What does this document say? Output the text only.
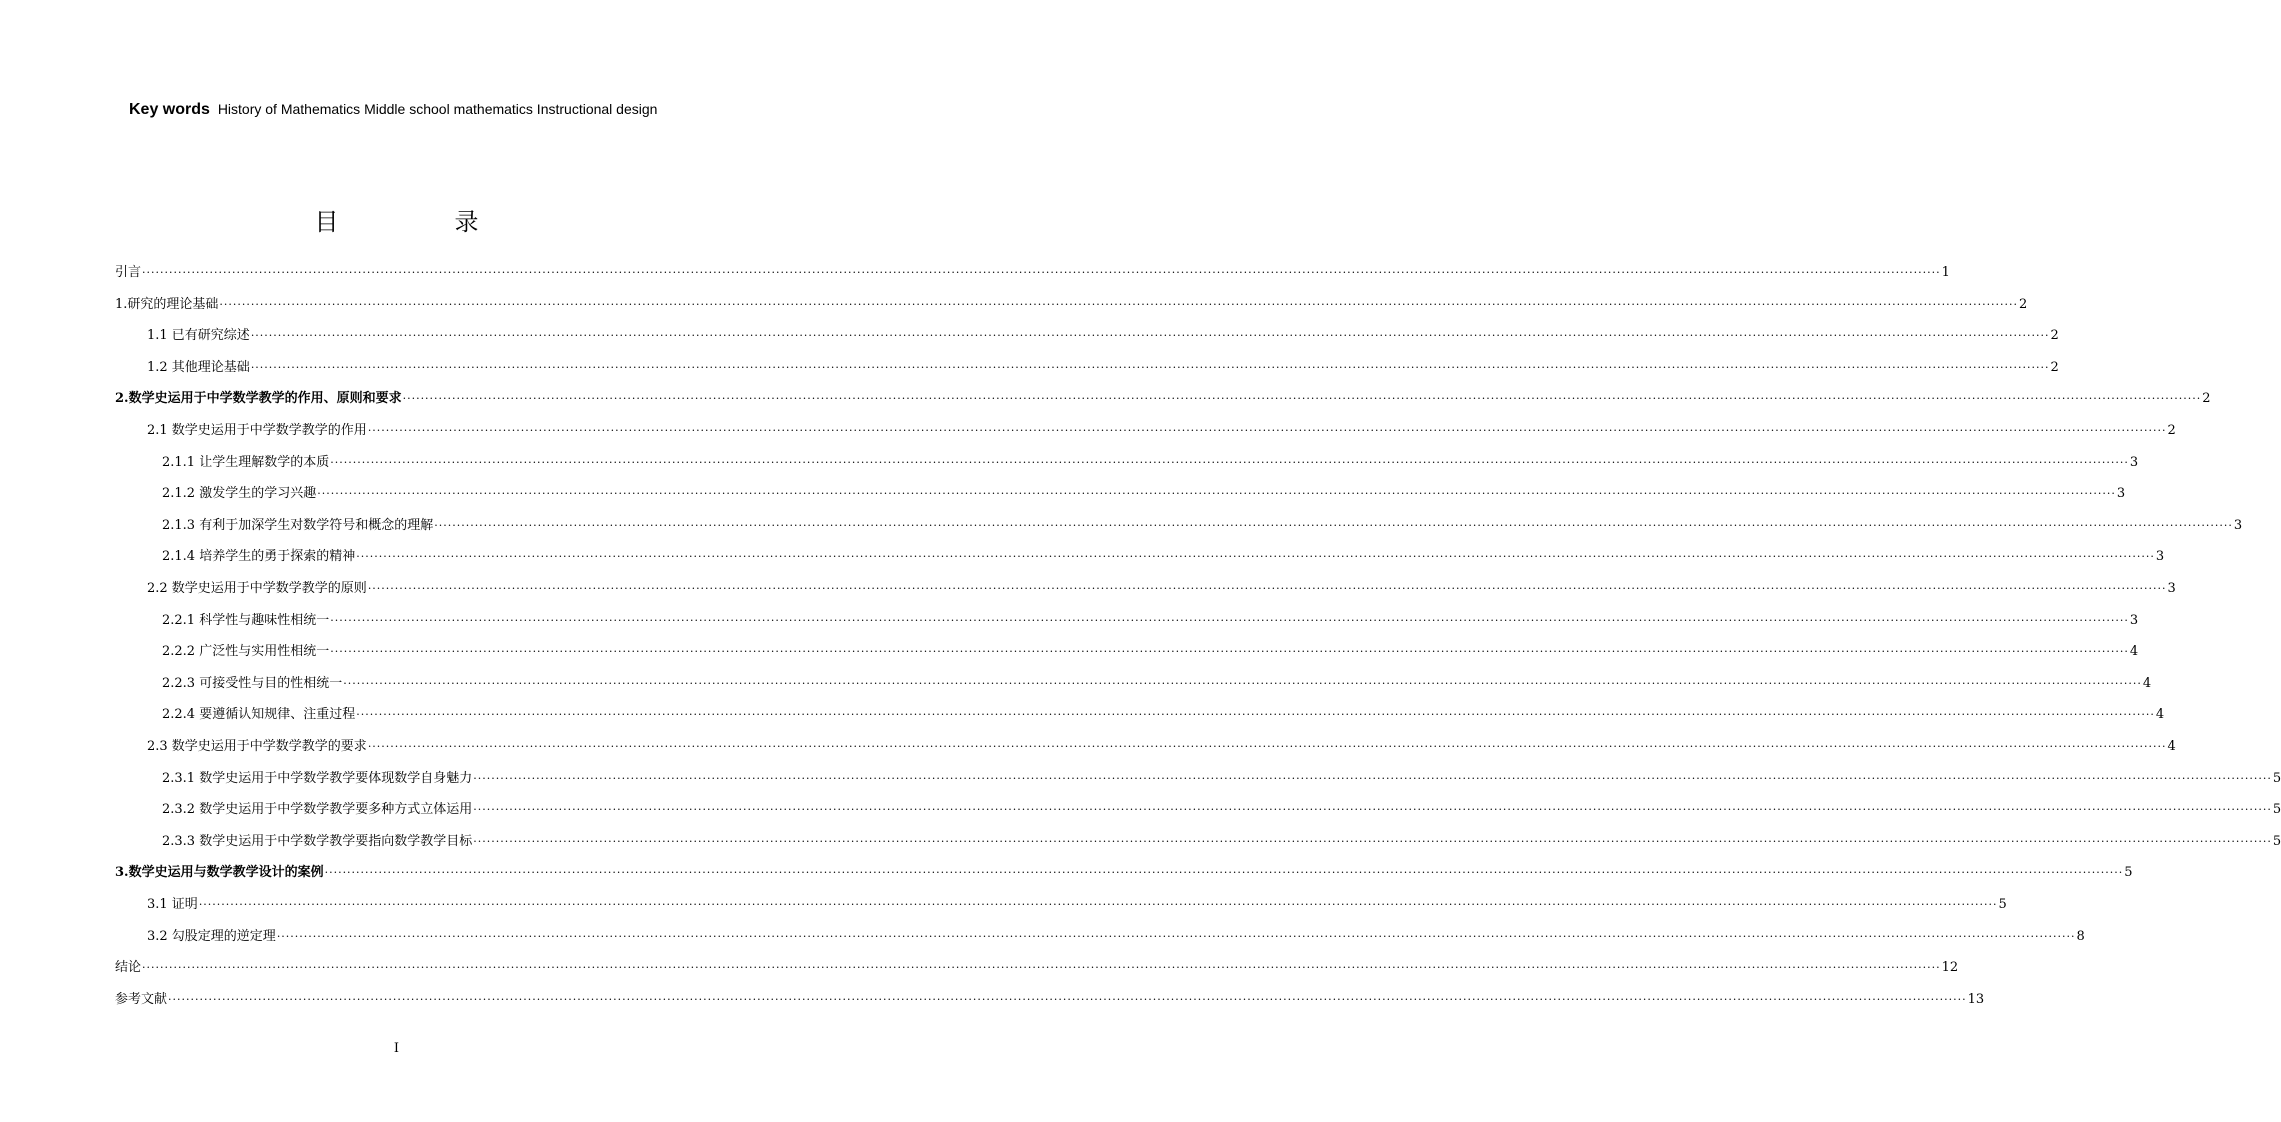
Key words History of Mathematics Middle school mathematics Instructional design
目　录
引言 ················································································································································································································································································································································································································ 1
1.研究的理论基础 ················································································································································································································································································································································································································ 2
1.1 已有研究综述 ················································································································································································································································································································································································································ 2
1.2 其他理论基础 ················································································································································································································································································································································································································ 2
2.数学史运用于中学数学教学的作用、原则和要求 ················································································································································································································································································································································································································ 2
2.1 数学史运用于中学数学教学的作用 ················································································································································································································································································································································································································ 2
2.1.1 让学生理解数学的本质 ················································································································································································································································································································································································································ 3
2.1.2 激发学生的学习兴趣 ················································································································································································································································································································································································································ 3
2.1.3 有利于加深学生对数学符号和概念的理解 ················································································································································································································································································································································································································ 3
2.1.4 培养学生的勇于探索的精神 ················································································································································································································································································································································································································ 3
2.2 数学史运用于中学数学教学的原则 ················································································································································································································································································································································································································ 3
2.2.1 科学性与趣味性相统一 ················································································································································································································································································································································································································ 3
2.2.2 广泛性与实用性相统一 ················································································································································································································································································································································································································ 4
2.2.3 可接受性与目的性相统一 ················································································································································································································································································································································································································ 4
2.2.4 要遵循认知规律、注重过程 ················································································································································································································································································································································································································ 4
2.3 数学史运用于中学数学教学的要求 ················································································································································································································································································································································································································ 4
2.3.1 数学史运用于中学数学教学要体现数学自身魅力 ················································································································································································································································································································································································································ 5
2.3.2 数学史运用于中学数学教学要多种方式立体运用 ················································································································································································································································································································································································································ 5
2.3.3 数学史运用于中学数学教学要指向数学教学目标 ················································································································································································································································································································································································································ 5
3.数学史运用与数学教学设计的案例 ················································································································································································································································································································································································································ 5
3.1 证明 ················································································································································································································································································································································································································ 5
3.2 勾股定理的逆定理 ················································································································································································································································································································································································································ 8
结论 ················································································································································································································································································································································································································ 12
参考文献 ················································································································································································································································································································································································································ 13
I
